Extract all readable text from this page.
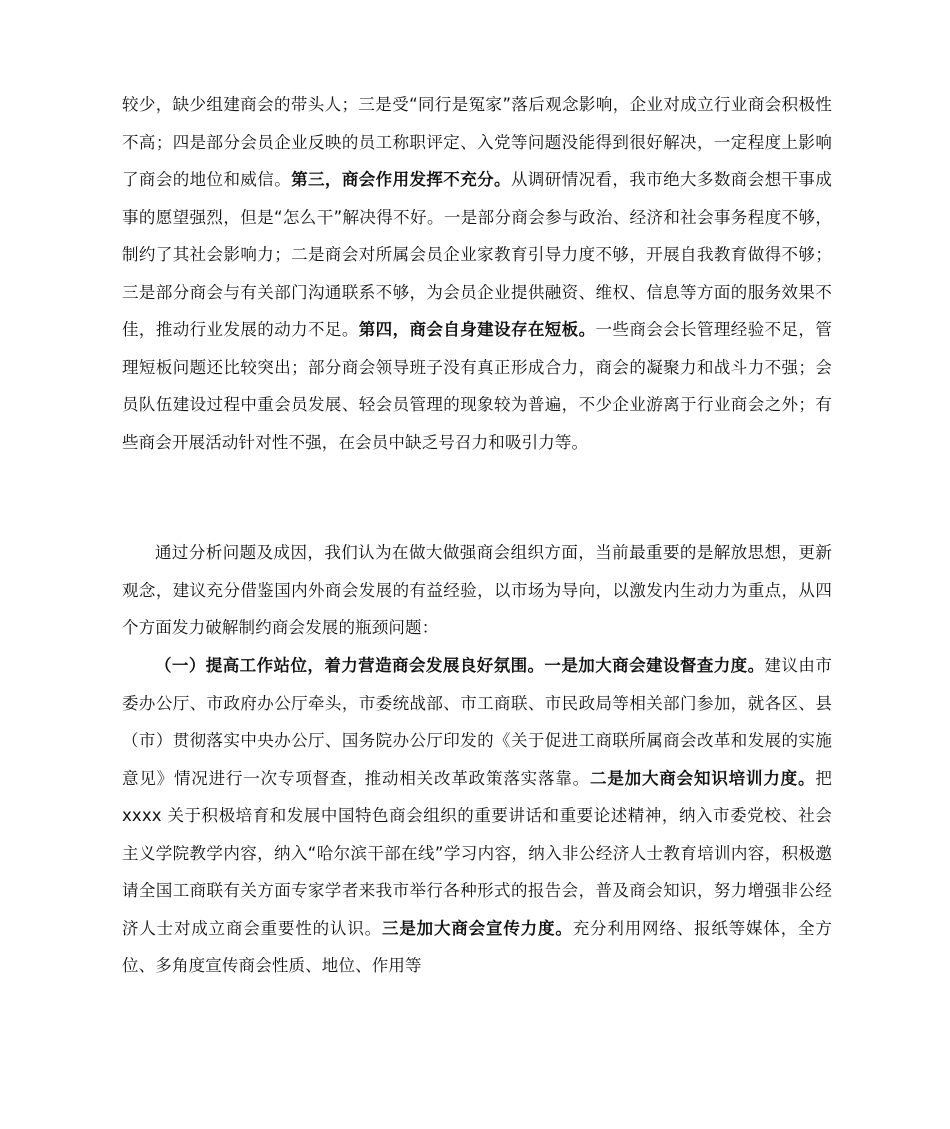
较少，缺少组建商会的带头人；三是受“同行是冤家”落后观念影响，企业对成立行业商会积极性不高；四是部分会员企业反映的员工称职评定、入党等问题没能得到很好解决，一定程度上影响了商会的地位和威信。第三，商会作用发挥不充分。从调研情况看，我市绝大多数商会想干事成事的愿望强烈，但是“怎么干”解决得不好。一是部分商会参与政治、经济和社会事务程度不够，制约了其社会影响力；二是商会对所属会员企业家教育引导力度不够，开展自我教育做得不够；三是部分商会与有关部门沟通联系不够，为会员企业提供融资、维权、信息等方面的服务效果不佳，推动行业发展的动力不足。第四，商会自身建设存在短板。一些商会会长管理经验不足，管理短板问题还比较突出；部分商会领导班子没有真正形成合力，商会的凝聚力和战斗力不强；会员队伍建设过程中重会员发展、轻会员管理的现象较为普遍，不少企业游离于行业商会之外；有些商会开展活动针对性不强，在会员中缺乏号召力和吸引力等。

通过分析问题及成因，我们认为在做大做强商会组织方面，当前最重要的是解放思想，更新观念，建议充分借鉴国内外商会发展的有益经验，以市场为导向，以激发内生动力为重点，从四个方面发力破解制约商会发展的瓶颈问题：

（一）提高工作站位，着力营造商会发展良好氛围。一是加大商会建设督查力度。建议由市委办公厅、市政府办公厅牵头，市委统战部、市工商联、市民政局等相关部门参加，就各区、县（市）贯彻落实中央办公厅、国务院办公厅印发的《关于促进工商联所属商会改革和发展的实施意见》情况进行一次专项督查，推动相关改革政策落实落靠。二是加大商会知识培训力度。把 xxxx 关于积极培育和发展中国特色商会组织的重要讲话和重要论述精神，纳入市委党校、社会主义学院教学内容，纳入“哈尔滨干部在线”学习内容，纳入非公经济人士教育培训内容，积极邀请全国工商联有关方面专家学者来我市举行各种形式的报告会，普及商会知识，努力增强非公经济人士对成立商会重要性的认识。三是加大商会宣传力度。充分利用网络、报纸等媒体，全方位、多角度宣传商会性质、地位、作用等
